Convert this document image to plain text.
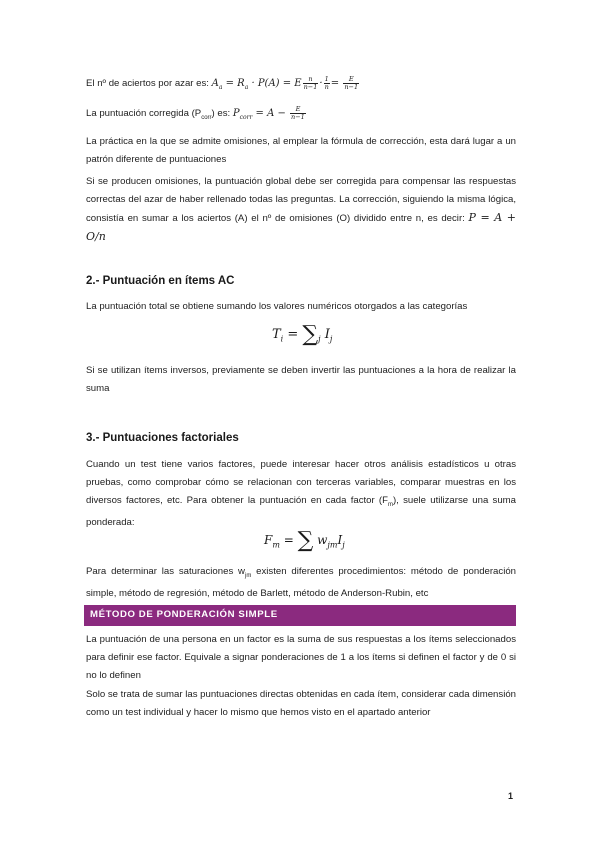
El nº de aciertos por azar es: $A_a = R_a \cdot P(A) = E \frac{n}{n-1} \cdot \frac{1}{n} = \frac{E}{n-1}$

La puntuación corregida $(P_{corr})$ es: $P_{corr} = A - \frac{E}{n-1}$

La práctica en la que se admite omisiones, al emplear la fórmula de corrección, esta dará lugar a un patrón diferente de puntuaciones

Si se producen omisiones, la puntuación global debe ser corregida para compensar las respuestas correctas del azar de haber rellenado todas las preguntas. La corrección, siguiendo la misma lógica, consistía en sumar a los aciertos (A) el nº de omisiones (O) dividido entre n, es decir: P = A + O/n

2.- Puntuación en ítems AC

La puntuación total se obtiene sumando los valores numéricos otorgados a las categorías

$T_i = \sum_j$ $I_j$

Si se utilizan ítems inversos, previamente se deben invertir las puntuaciones a la hora de realizar la suma

3.- Puntuaciones factoriales

Cuando un test tiene varios factores, puede interesar hacer otros análisis estadísticos u otras pruebas, como comprobar cómo se relacionan con terceras variables, comparar muestras en los diversos factores, etc. Para obtener la puntuación en cada factor $(F_m)$, suele utilizarse una suma ponderada:

$F_m$ = ∑ $w_{jm}I_j$

Para determinar las saturaciones $w_{jm}$ existen diferentes procedimientos: método de ponderación simple, método de regresión, método de Barlett, método de Anderson-Rubin, etc

MÉTODO DE PONDERACIÓN SIMPLE

La puntuación de una persona en un factor es la suma de sus respuestas a los ítems seleccionados para definir ese factor. Equivale a signar ponderaciones de 1 a los ítems si definen el factor y de 0 si no lo definen

Solo se trata de sumar las puntuaciones directas obtenidas en cada ítem, considerar cada dimensión como un test individual y hacer lo mismo que hemos visto en el apartado anterior

1
